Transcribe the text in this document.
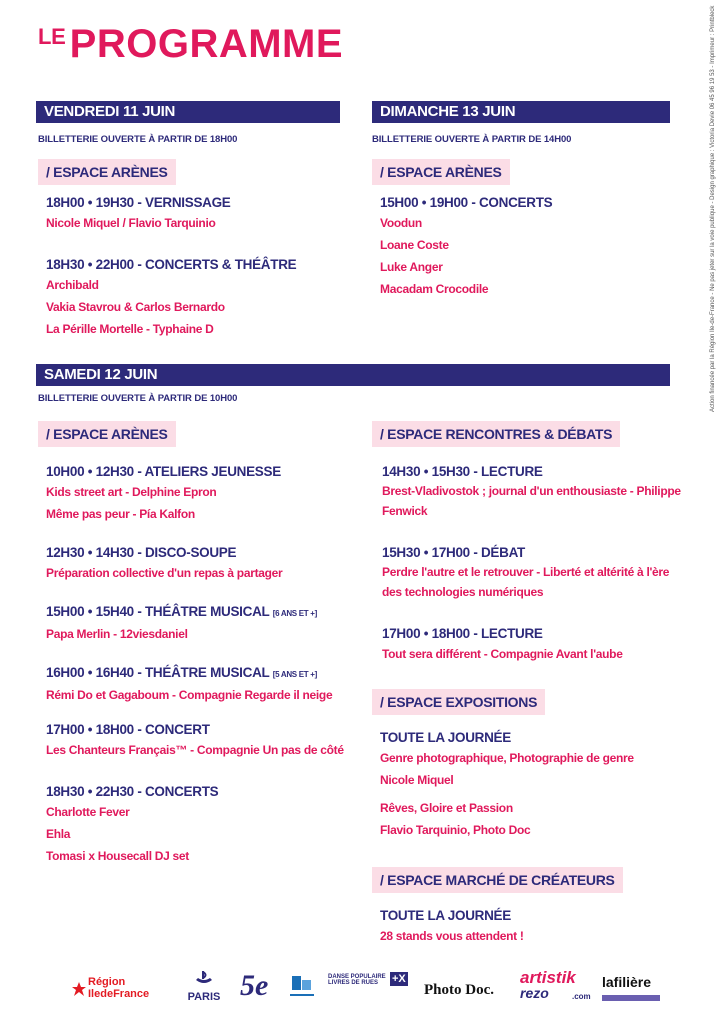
LE PROGRAMME	Action financée par la Région Ile-de-France - Ne pas jeter sur la voie publique - Design graphique : Victoria Devie 06 45 96 19 53 - Imprimeur : Printbleck
VENDREDI 11 JUIN
BILLETTERIE OUVERTE À PARTIR DE 18H00
/ ESPACE ARÈNES
18H00 • 19H30 - VERNISSAGE
Nicole Miquel / Flavio Tarquinio
18H30 • 22H00 - CONCERTS & THÉÂTRE
Archibald
Vakia Stavrou & Carlos Bernardo
La Pérille Mortelle - Typhaine D
DIMANCHE 13 JUIN
BILLETTERIE OUVERTE À PARTIR DE 14H00
/ ESPACE ARÈNES
15H00 • 19H00 - CONCERTS
Voodun
Loane Coste
Luke Anger
Macadam Crocodile
SAMEDI 12 JUIN
BILLETTERIE OUVERTE À PARTIR DE 10H00
/ ESPACE ARÈNES
10H00 • 12H30 - ATELIERS JEUNESSE
Kids street art - Delphine Epron
Même pas peur - Pía Kalfon
12H30 • 14H30 - DISCO-SOUPE
Préparation collective d'un repas à partager
15H00 • 15H40 - THÉÂTRE MUSICAL [6 ANS ET +]
Papa Merlin - 12viesdaniel
16H00 • 16H40 - THÉÂTRE MUSICAL [5 ANS ET +]
Rémi Do et Gagaboum - Compagnie Regarde il neige
17H00 • 18H00 - CONCERT
Les Chanteurs Français™ - Compagnie Un pas de côté
18H30 • 22H30 - CONCERTS
Charlotte Fever
Ehla
Tomasi x Housecall DJ set
/ ESPACE RENCONTRES & DÉBATS
14H30 • 15H30 - LECTURE
Brest-Vladivostok ; journal d'un enthousiaste - Philippe Fenwick
15H30 • 17H00 - DÉBAT
Perdre l'autre et le retrouver - Liberté et altérité à l'ère des technologies numériques
17H00 • 18H00 - LECTURE
Tout sera différent - Compagnie Avant l'aube
/ ESPACE EXPOSITIONS
TOUTE LA JOURNÉE
Genre photographique, Photographie de genre
Nicole Miquel
Rêves, Gloire et Passion
Flavio Tarquinio, Photo Doc
/ ESPACE MARCHÉ DE CRÉATEURS
TOUTE LA JOURNÉE
28 stands vous attendent !
Région
IledeFrance	PARIS 5e	DANSE POPULAIRE
LIVRES DE RUES	+X
Photo Doc.
artistik
rezo	.com
lafilière
